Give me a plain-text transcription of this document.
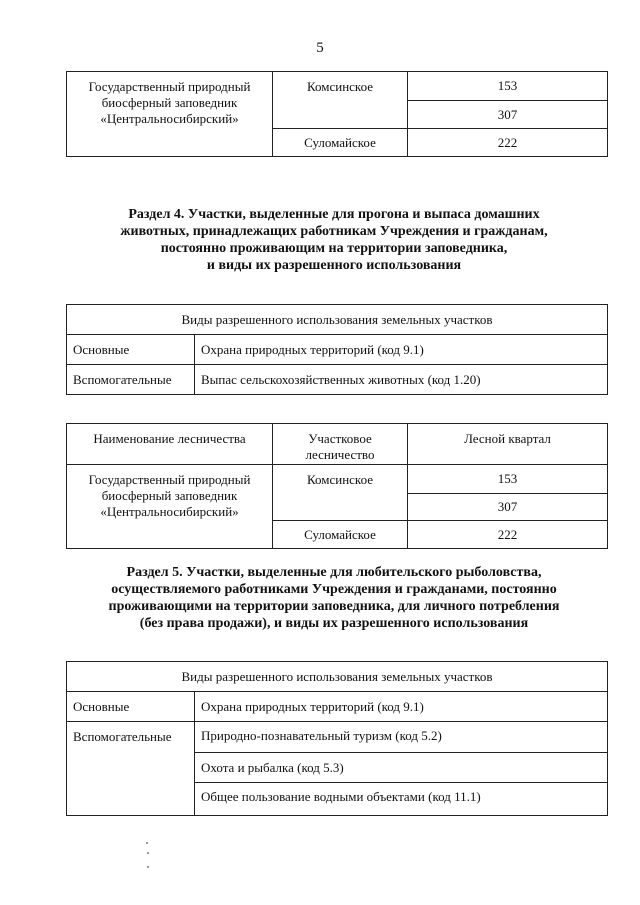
5
Государственный природный
биосферный заповедник
«Центральносибирский»	Комсинское	153
		307
	Суломайское	222
Раздел 4. Участки, выделенные для прогона и выпаса домашних
животных, принадлежащих работникам Учреждения и гражданам,
постоянно проживающим на территории заповедника,
и виды их разрешенного использования
Виды разрешенного использования земельных участков	
Основные	Охрана природных территорий (код 9.1)
Вспомогательные	Выпас сельскохозяйственных животных (код 1.20)
Наименование лесничества	Участковое лесничество	Лесной квартал

Государственный природный
биосферный заповедник
«Центральносибирский»	Комсинское	153
		307
	Суломайское	222
Раздел 5. Участки, выделенные для любительского рыболовства,
осуществляемого работниками Учреждения и гражданами, постоянно
проживающими на территории заповедника, для личного потребления
(без права продажи), и виды их разрешенного использования
Виды разрешенного использования земельных участков	
Основные	Охрана природных территорий (код 9.1)
Вспомогательные	Природно-познавательный туризм (код 5.2)
	Охота и рыбалка (код 5.3)
	Общее пользование водными объектами (код 11.1)
